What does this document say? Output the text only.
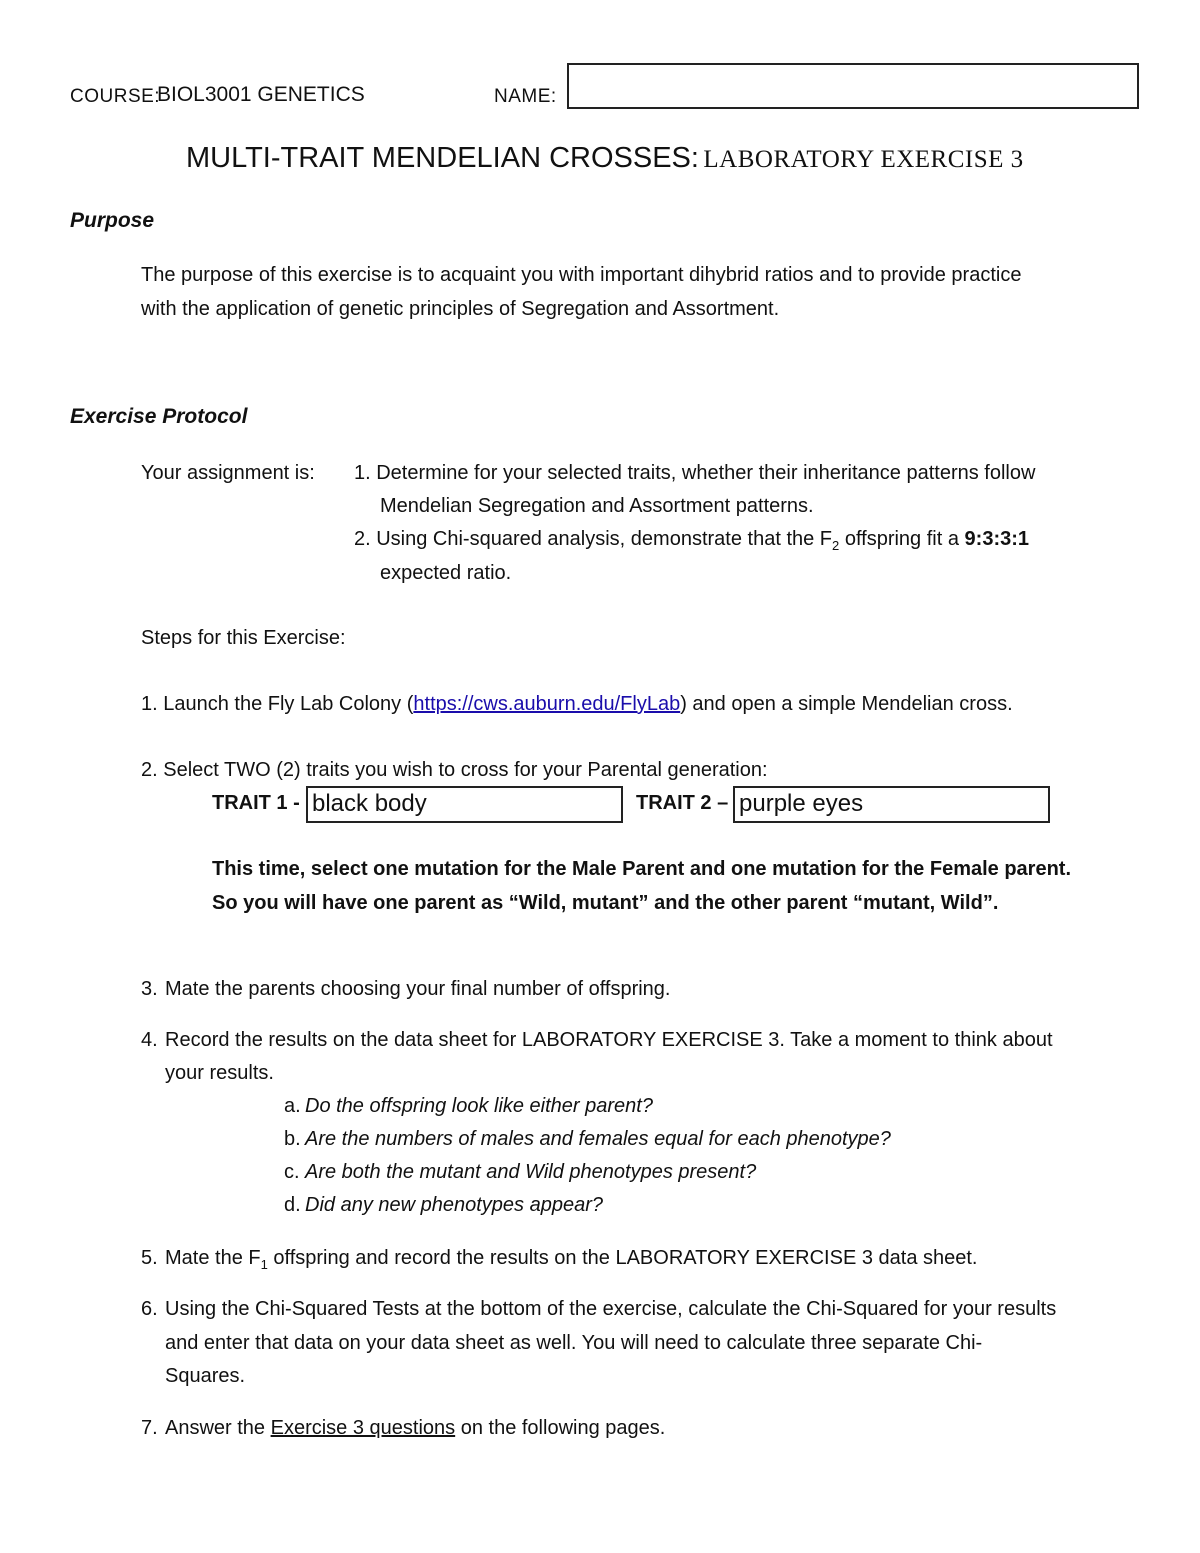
COURSE:
BIOL3001 GENETICS	NAME:
MULTI-TRAIT MENDELIAN CROSSES: LABORATORY EXERCISE 3
Purpose
The purpose of this exercise is to acquaint you with important dihybrid ratios and to provide practice
with the application of genetic principles of Segregation and Assortment.
Exercise Protocol
Your assignment is: 1. Determine for your selected traits, whether their inheritance patterns follow
Mendelian Segregation and Assortment patterns.
2. Using Chi-squared analysis, demonstrate that the $F_2$ offspring fit a 9:3:3:1
expected ratio.
Steps for this Exercise:
1. Launch the Fly Lab Colony (https://cws.auburn.edu/FlyLab) and open a simple Mendelian cross.
2. Select TWO (2) traits you wish to cross for your Parental generation:
TRAIT 1 - black body	TRAIT 2 – purple eyes
This time, select one mutation for the Male Parent and one mutation for the Female parent.
So you will have one parent as “Wild, mutant” and the other parent “mutant, Wild”.
3. Mate the parents choosing your final number of offspring.
4. Record the results on the data sheet for LABORATORY EXERCISE 3. Take a moment to think about
your results.
a. Do the offspring look like either parent?
b. Are the numbers of males and females equal for each phenotype?
c. Are both the mutant and Wild phenotypes present?
d. Did any new phenotypes appear?
5. Mate the $F_1$ offspring and record the results on the LABORATORY EXERCISE 3 data sheet.
6. Using the Chi-Squared Tests at the bottom of the exercise, calculate the Chi-Squared for your results
and enter that data on your data sheet as well. You will need to calculate three separate Chi-
Squares.
7. Answer the Exercise 3 questions on the following pages.
